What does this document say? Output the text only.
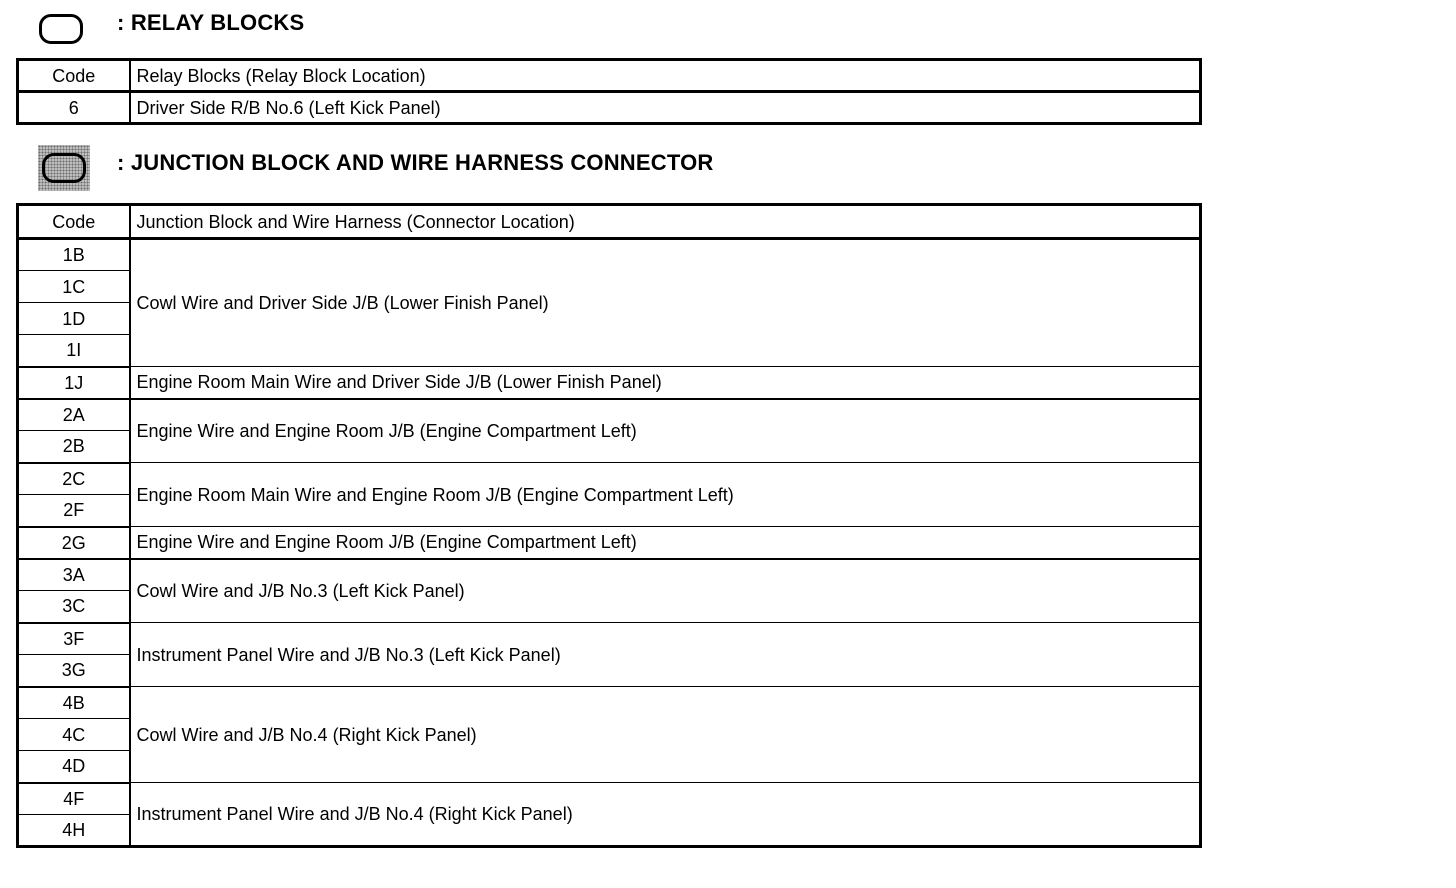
: RELAY BLOCKS
Code	Relay Blocks (Relay Block Location)
6	Driver Side R/B No.6 (Left Kick Panel)
: JUNCTION BLOCK AND WIRE HARNESS CONNECTOR
Code	Junction Block and Wire Harness (Connector Location)
1B	Cowl Wire and Driver Side J/B (Lower Finish Panel)
1C	
1D	
1I	
1J	Engine Room Main Wire and Driver Side J/B (Lower Finish Panel)
2A	Engine Wire and Engine Room J/B (Engine Compartment Left)
2B	
2C	Engine Room Main Wire and Engine Room J/B (Engine Compartment Left)
2F	
2G	Engine Wire and Engine Room J/B (Engine Compartment Left)
3A	Cowl Wire and J/B No.3 (Left Kick Panel)
3C	
3F	Instrument Panel Wire and J/B No.3 (Left Kick Panel)
3G	
4B	Cowl Wire and J/B No.4 (Right Kick Panel)
4C	
4D	
4F	Instrument Panel Wire and J/B No.4 (Right Kick Panel)
4H	
